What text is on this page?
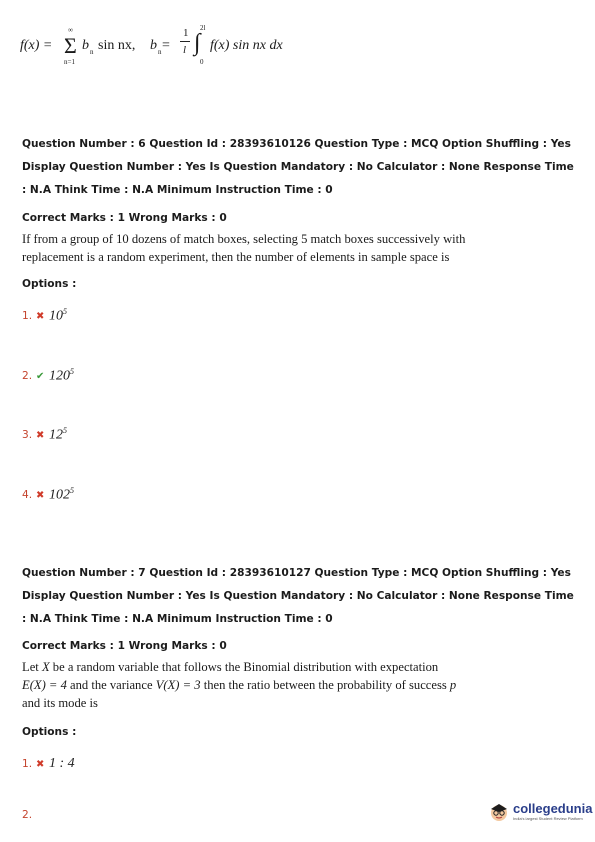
f(x) =
∞
Σ
n=1
b n sin nx, b n =
1
l
2l
∫
0
f(x) sin nx dx
Question Number : 6 Question Id : 28393610126 Question Type : MCQ Option Shuffling : Yes
Display Question Number : Yes Is Question Mandatory : No Calculator : None Response Time
: N.A Think Time : N.A Minimum Instruction Time : 0
Correct Marks : 1 Wrong Marks : 0
If from a group of 10 dozens of match boxes, selecting 5 match boxes successively with
replacement is a random experiment, then the number of elements in sample space is
Options :
1. ✖ $10^5$
2. ✔ $120^5$
3. ✖ $12^5$
4. ✖ $102^5$
Question Number : 7 Question Id : 28393610127 Question Type : MCQ Option Shuffling : Yes
Display Question Number : Yes Is Question Mandatory : No Calculator : None Response Time
: N.A Think Time : N.A Minimum Instruction Time : 0
Correct Marks : 1 Wrong Marks : 0
Let X be a random variable that follows the Binomial distribution with expectation
E(X) = 4 and the variance V(X) = 3 then the ratio between the probability of success p
and its mode is
Options :
1. ✖ 1 : 4
2.	collegedunia
India's largest Student Review Platform
